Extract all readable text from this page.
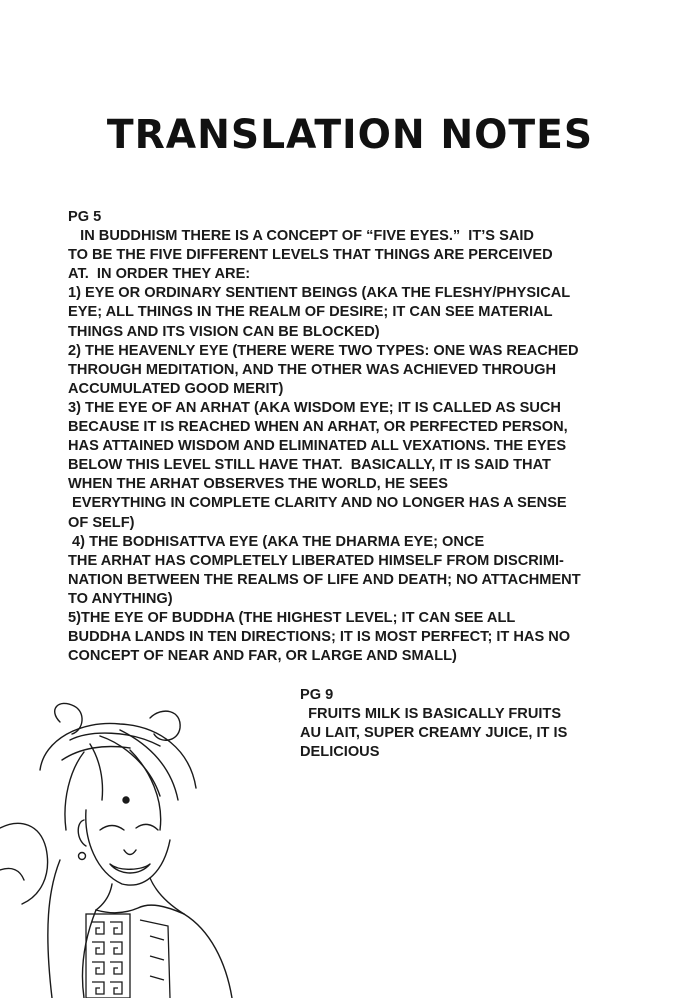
TRANSLATION NOTES
PG 5
IN BUDDHISM THERE IS A CONCEPT OF “FIVE EYES.”  IT’S SAID
TO BE THE FIVE DIFFERENT LEVELS THAT THINGS ARE PERCEIVED
AT.  IN ORDER THEY ARE:
1) EYE OR ORDINARY SENTIENT BEINGS (AKA THE FLESHY/PHYSICAL
EYE; ALL THINGS IN THE REALM OF DESIRE; IT CAN SEE MATERIAL
THINGS AND ITS VISION CAN BE BLOCKED)
2) THE HEAVENLY EYE (THERE WERE TWO TYPES: ONE WAS REACHED
THROUGH MEDITATION, AND THE OTHER WAS ACHIEVED THROUGH
ACCUMULATED GOOD MERIT)
3) THE EYE OF AN ARHAT (AKA WISDOM EYE; IT IS CALLED AS SUCH
BECAUSE IT IS REACHED WHEN AN ARHAT, OR PERFECTED PERSON,
HAS ATTAINED WISDOM AND ELIMINATED ALL VEXATIONS. THE EYES
BELOW THIS LEVEL STILL HAVE THAT.  BASICALLY, IT IS SAID THAT
WHEN THE ARHAT OBSERVES THE WORLD, HE SEES
EVERYTHING IN COMPLETE CLARITY AND NO LONGER HAS A SENSE
OF SELF)
4) THE BODHISATTVA EYE (AKA THE DHARMA EYE; ONCE
THE ARHAT HAS COMPLETELY LIBERATED HIMSELF FROM DISCRIMI-
NATION BETWEEN THE REALMS OF LIFE AND DEATH; NO ATTACHMENT
TO ANYTHING)
5)THE EYE OF BUDDHA (THE HIGHEST LEVEL; IT CAN SEE ALL
BUDDHA LANDS IN TEN DIRECTIONS; IT IS MOST PERFECT; IT HAS NO
CONCEPT OF NEAR AND FAR, OR LARGE AND SMALL)
PG 9
FRUITS MILK IS BASICALLY FRUITS
AU LAIT, SUPER CREAMY JUICE, IT IS
DELICIOUS
